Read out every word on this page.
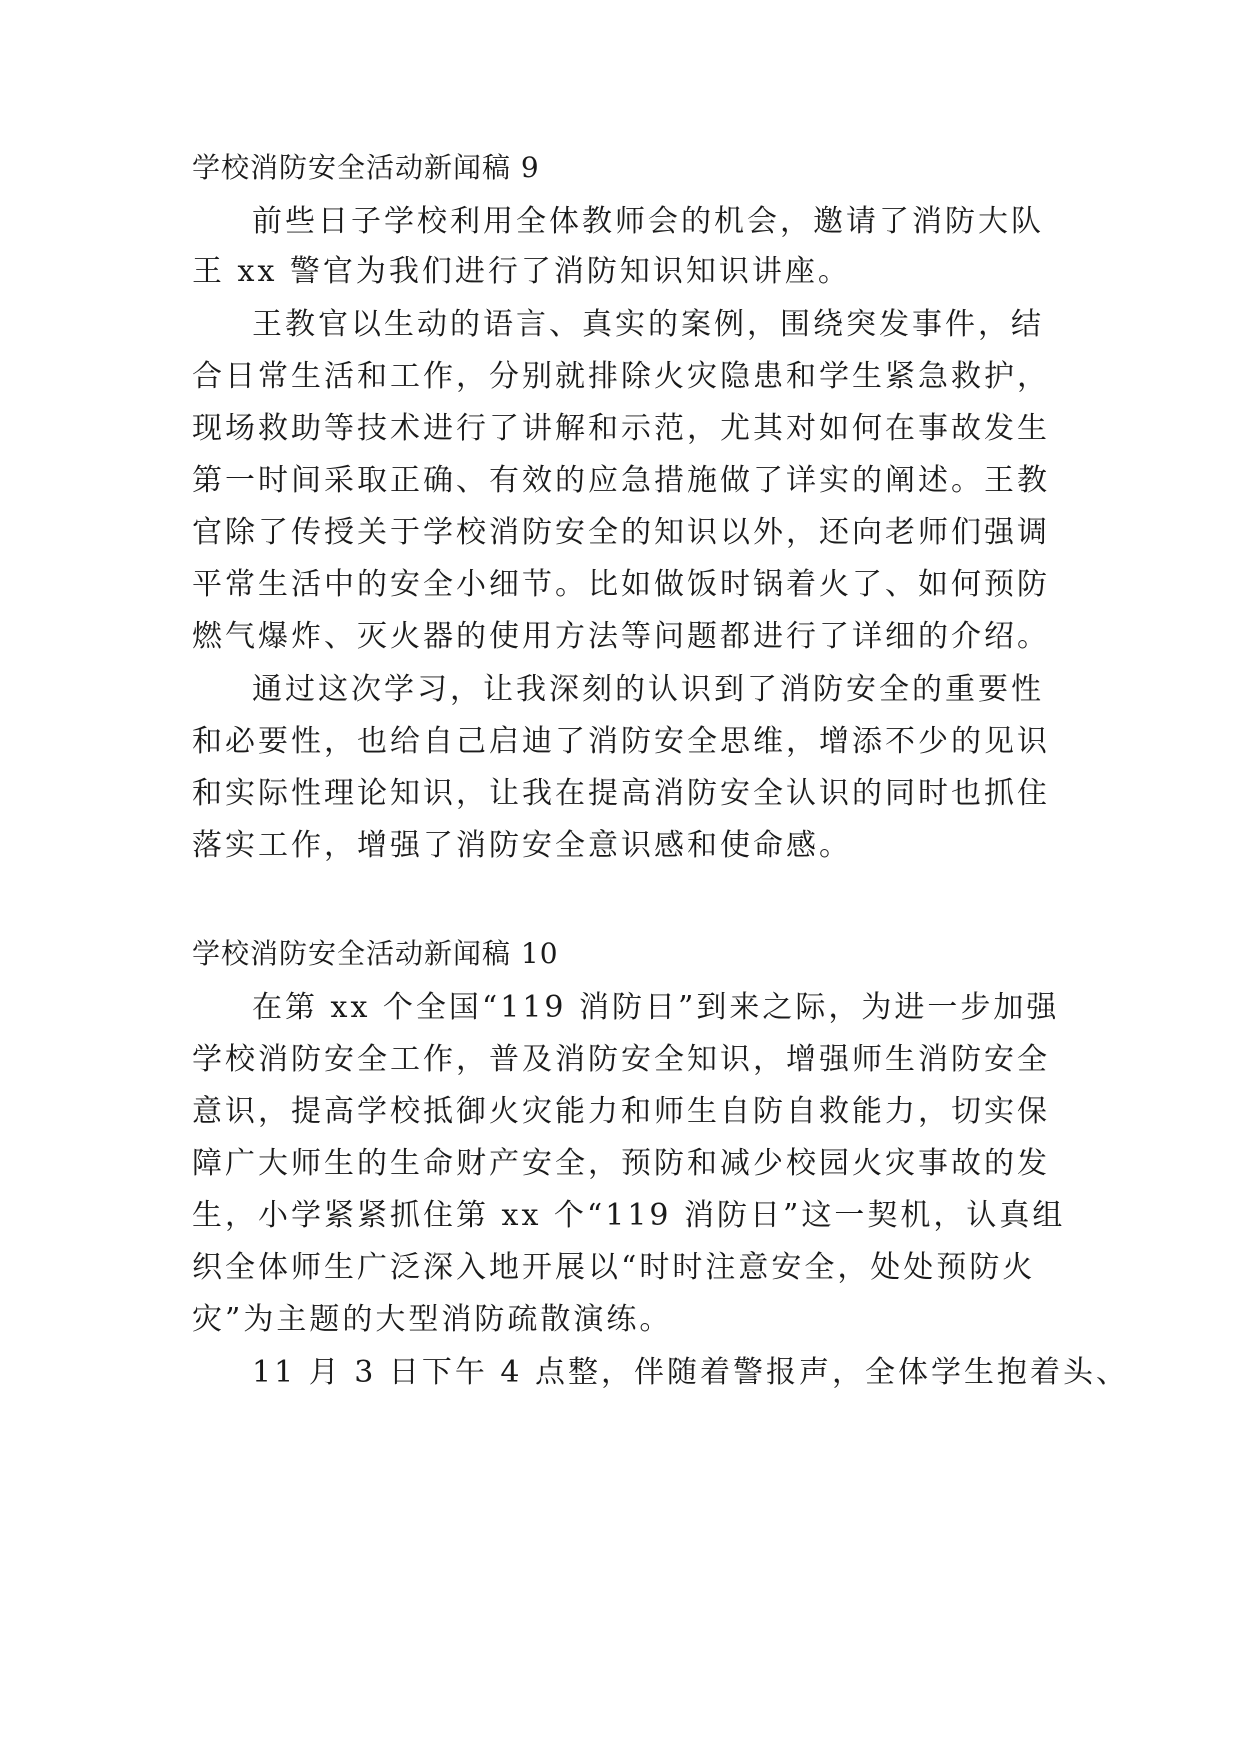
学校消防安全活动新闻稿 9
前些日子学校利用全体教师会的机会，邀请了消防大队
王 xx 警官为我们进行了消防知识知识讲座。
王教官以生动的语言、真实的案例，围绕突发事件，结
合日常生活和工作，分别就排除火灾隐患和学生紧急救护，
现场救助等技术进行了讲解和示范，尤其对如何在事故发生
第一时间采取正确、有效的应急措施做了详实的阐述。王教
官除了传授关于学校消防安全的知识以外，还向老师们强调
平常生活中的安全小细节。比如做饭时锅着火了、如何预防
燃气爆炸、灭火器的使用方法等问题都进行了详细的介绍。
通过这次学习，让我深刻的认识到了消防安全的重要性
和必要性，也给自己启迪了消防安全思维，增添不少的见识
和实际性理论知识，让我在提高消防安全认识的同时也抓住
落实工作，增强了消防安全意识感和使命感。
学校消防安全活动新闻稿 10
在第 xx 个全国“119 消防日”到来之际，为进一步加强
学校消防安全工作，普及消防安全知识，增强师生消防安全
意识，提高学校抵御火灾能力和师生自防自救能力，切实保
障广大师生的生命财产安全，预防和减少校园火灾事故的发
生，小学紧紧抓住第 xx 个“119 消防日”这一契机，认真组
织全体师生广泛深入地开展以“时时注意安全，处处预防火
灾”为主题的大型消防疏散演练。
11 月 3 日下午 4 点整，伴随着警报声，全体学生抱着头、
